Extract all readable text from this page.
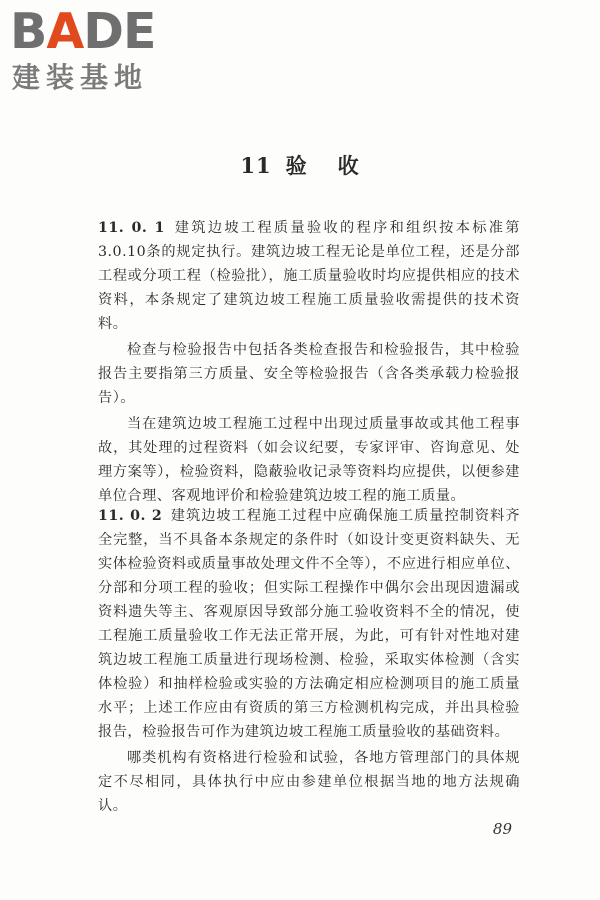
BADE
建装基地
11 验 收

11. 0. 1 建筑边坡工程质量验收的程序和组织按本标准第3.0.10条的规定执行。建筑边坡工程无论是单位工程，还是分部工程或分项工程（检验批），施工质量验收时均应提供相应的技术资料，本条规定了建筑边坡工程施工质量验收需提供的技术资料。

检查与检验报告中包括各类检查报告和检验报告，其中检验报告主要指第三方质量、安全等检验报告（含各类承载力检验报告）。

当在建筑边坡工程施工过程中出现过质量事故或其他工程事故，其处理的过程资料（如会议纪要，专家评审、咨询意见、处理方案等），检验资料，隐蔽验收记录等资料均应提供，以便参建单位合理、客观地评价和检验建筑边坡工程的施工质量。

11. 0. 2 建筑边坡工程施工过程中应确保施工质量控制资料齐全完整，当不具备本条规定的条件时（如设计变更资料缺失、无实体检验资料或质量事故处理文件不全等），不应进行相应单位、分部和分项工程的验收；但实际工程操作中偶尔会出现因遗漏或资料遗失等主、客观原因导致部分施工验收资料不全的情况，使工程施工质量验收工作无法正常开展，为此，可有针对性地对建筑边坡工程施工质量进行现场检测、检验，采取实体检测（含实体检验）和抽样检验或实验的方法确定相应检测项目的施工质量水平；上述工作应由有资质的第三方检测机构完成，并出具检验报告，检验报告可作为建筑边坡工程施工质量验收的基础资料。

哪类机构有资格进行检验和试验，各地方管理部门的具体规定不尽相同，具体执行中应由参建单位根据当地的地方法规确认。

89
